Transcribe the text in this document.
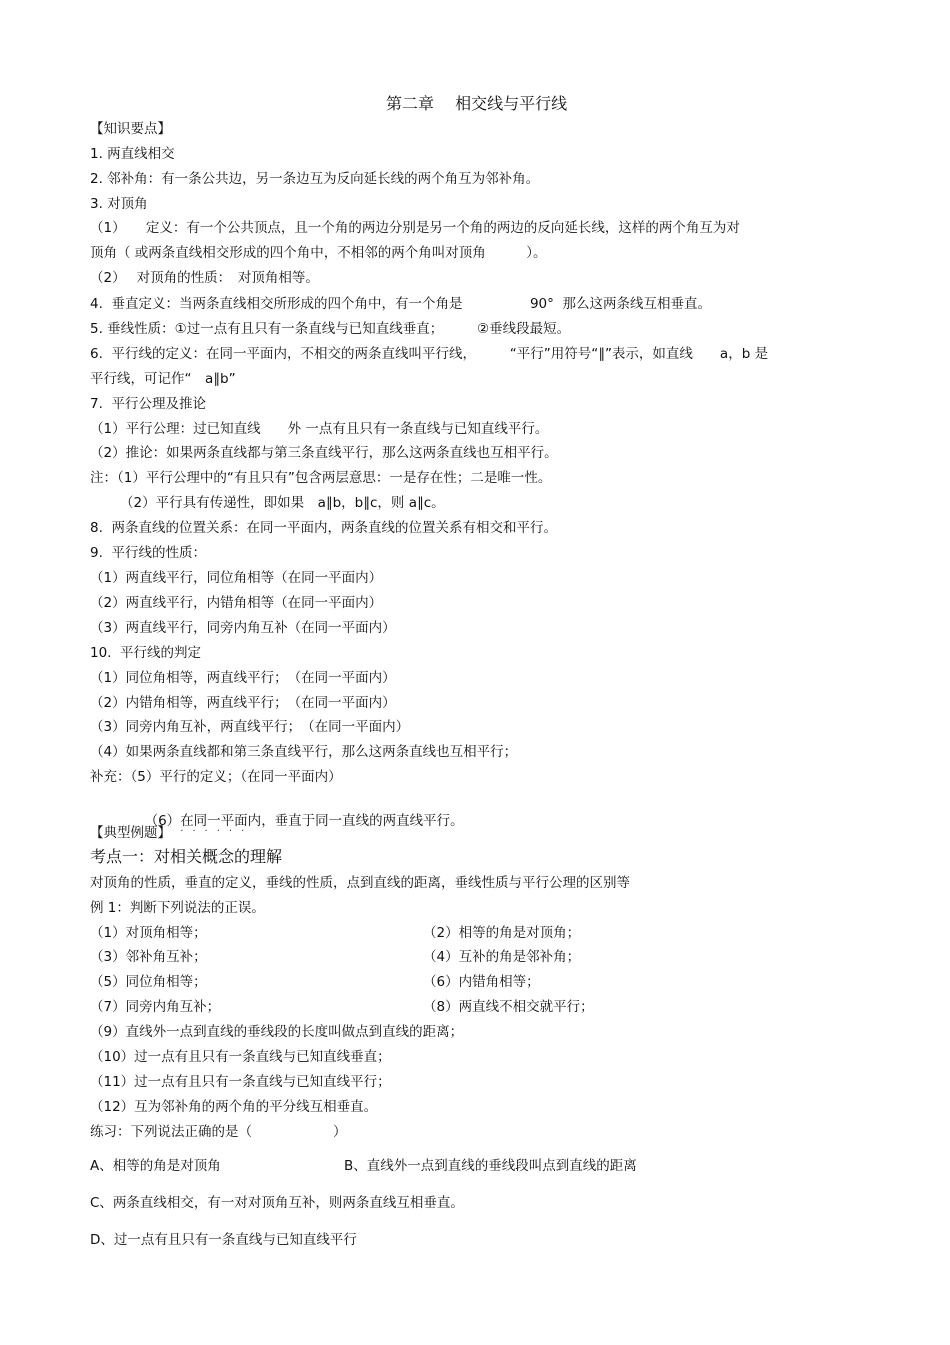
第二章　 相交线与平行线
【知识要点】
1. 两直线相交
2. 邻补角：有一条公共边，另一条边互为反向延长线的两个角互为邻补角。
3. 对顶角
（1）　　定义：有一个公共顶点，且一个角的两边分别是另一个角的两边的反向延长线，这样的两个角互为对
顶角（ 或两条直线相交形成的四个角中，不相邻的两个角叫对顶角　　　）。
（2）　 对顶角的性质：　对顶角相等。
4.  垂直定义：当两条直线相交所形成的四个角中，有一个角是　　　　　90°  那么这两条线互相垂直。
5. 垂线性质：①过一点有且只有一条直线与已知直线垂直；　　　②垂线段最短。
6.  平行线的定义：在同一平面内，不相交的两条直线叫平行线，　　　“平行”用符号“∥”表示，如直线　　a，b 是
平行线，可记作“　a∥b”
7.  平行公理及推论
（1）平行公理：过已知直线　　外 一点有且只有一条直线与已知直线平行。
（2）推论：如果两条直线都与第三条直线平行，那么这两条直线也互相平行。
注：（1）平行公理中的“有且只有”包含两层意思：一是存在性；二是唯一性。
（2）平行具有传递性，即如果　a∥b，b∥c，则 a∥c。
8.  两条直线的位置关系：在同一平面内，两条直线的位置关系有相交和平行。
9.  平行线的性质：
（1）两直线平行，同位角相等（在同一平面内）
（2）两直线平行，内错角相等（在同一平面内）
（3）两直线平行，同旁内角互补（在同一平面内）
10.  平行线的判定
（1）同位角相等，两直线平行；　（在同一平面内）
（2）内错角相等，两直线平行；　（在同一平面内）
（3）同旁内角互补，两直线平行；　（在同一平面内）
（4）如果两条直线都和第三条直线平行，那么这两条直线也互相平行；
补充：（5）平行的定义；（在同一平面内）

（6）在同一平面内
······
，垂直于同一直线的两直线平行。

【典型例题】
考点一：对相关概念的理解
对顶角的性质，垂直的定义，垂线的性质，点到直线的距离，垂线性质与平行公理的区别等
例 1：判断下列说法的正误。
（1）对顶角相等；	（2）相等的角是对顶角；
（3）邻补角互补；	（4）互补的角是邻补角；
（5）同位角相等；	（6）内错角相等；
（7）同旁内角互补；	（8）两直线不相交就平行；
（9）直线外一点到直线的垂线段的长度叫做点到直线的距离；
（10）过一点有且只有一条直线与已知直线垂直；
（11）过一点有且只有一条直线与已知直线平行；
（12）互为邻补角的两个角的平分线互相垂直。
练习：下列说法正确的是（　　　　　　）
A、相等的角是对顶角	B、直线外一点到直线的垂线段叫点到直线的距离
C、两条直线相交，有一对对顶角互补，则两条直线互相垂直。
D、过一点有且只有一条直线与已知直线平行
